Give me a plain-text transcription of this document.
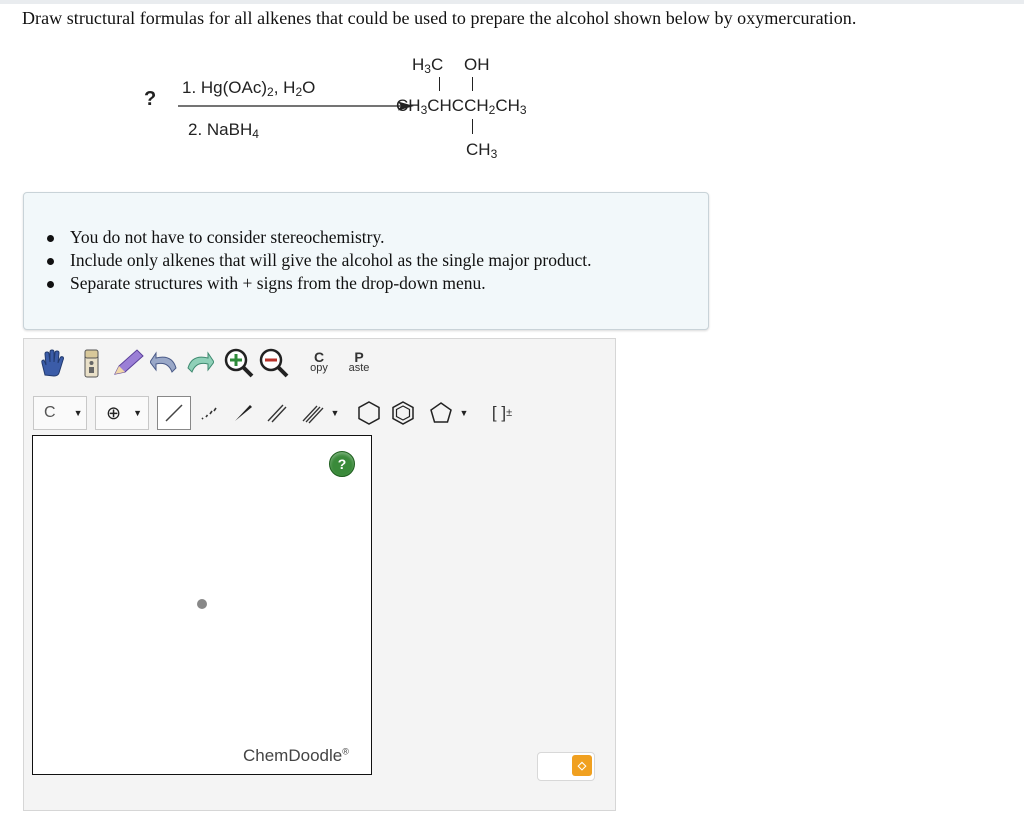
Draw structural formulas for all alkenes that could be used to prepare the alcohol shown below by oxymercuration.
?
1. $Hg(OAc)_2$, $H_2O$
2. NaBH$_4$
$H_3C$ OH
$CH_3CHCCH_2CH_3$
$CH_3$
You do not have to consider stereochemistry.
Include only alkenes that will give the alcohol as the single major product.
Separate structures with + signs from the drop-down menu.
C
opy
P
aste
C ▼ ⊕ ▼	▼	▼ [ ] ±
?
ChemDoodle®
◇
